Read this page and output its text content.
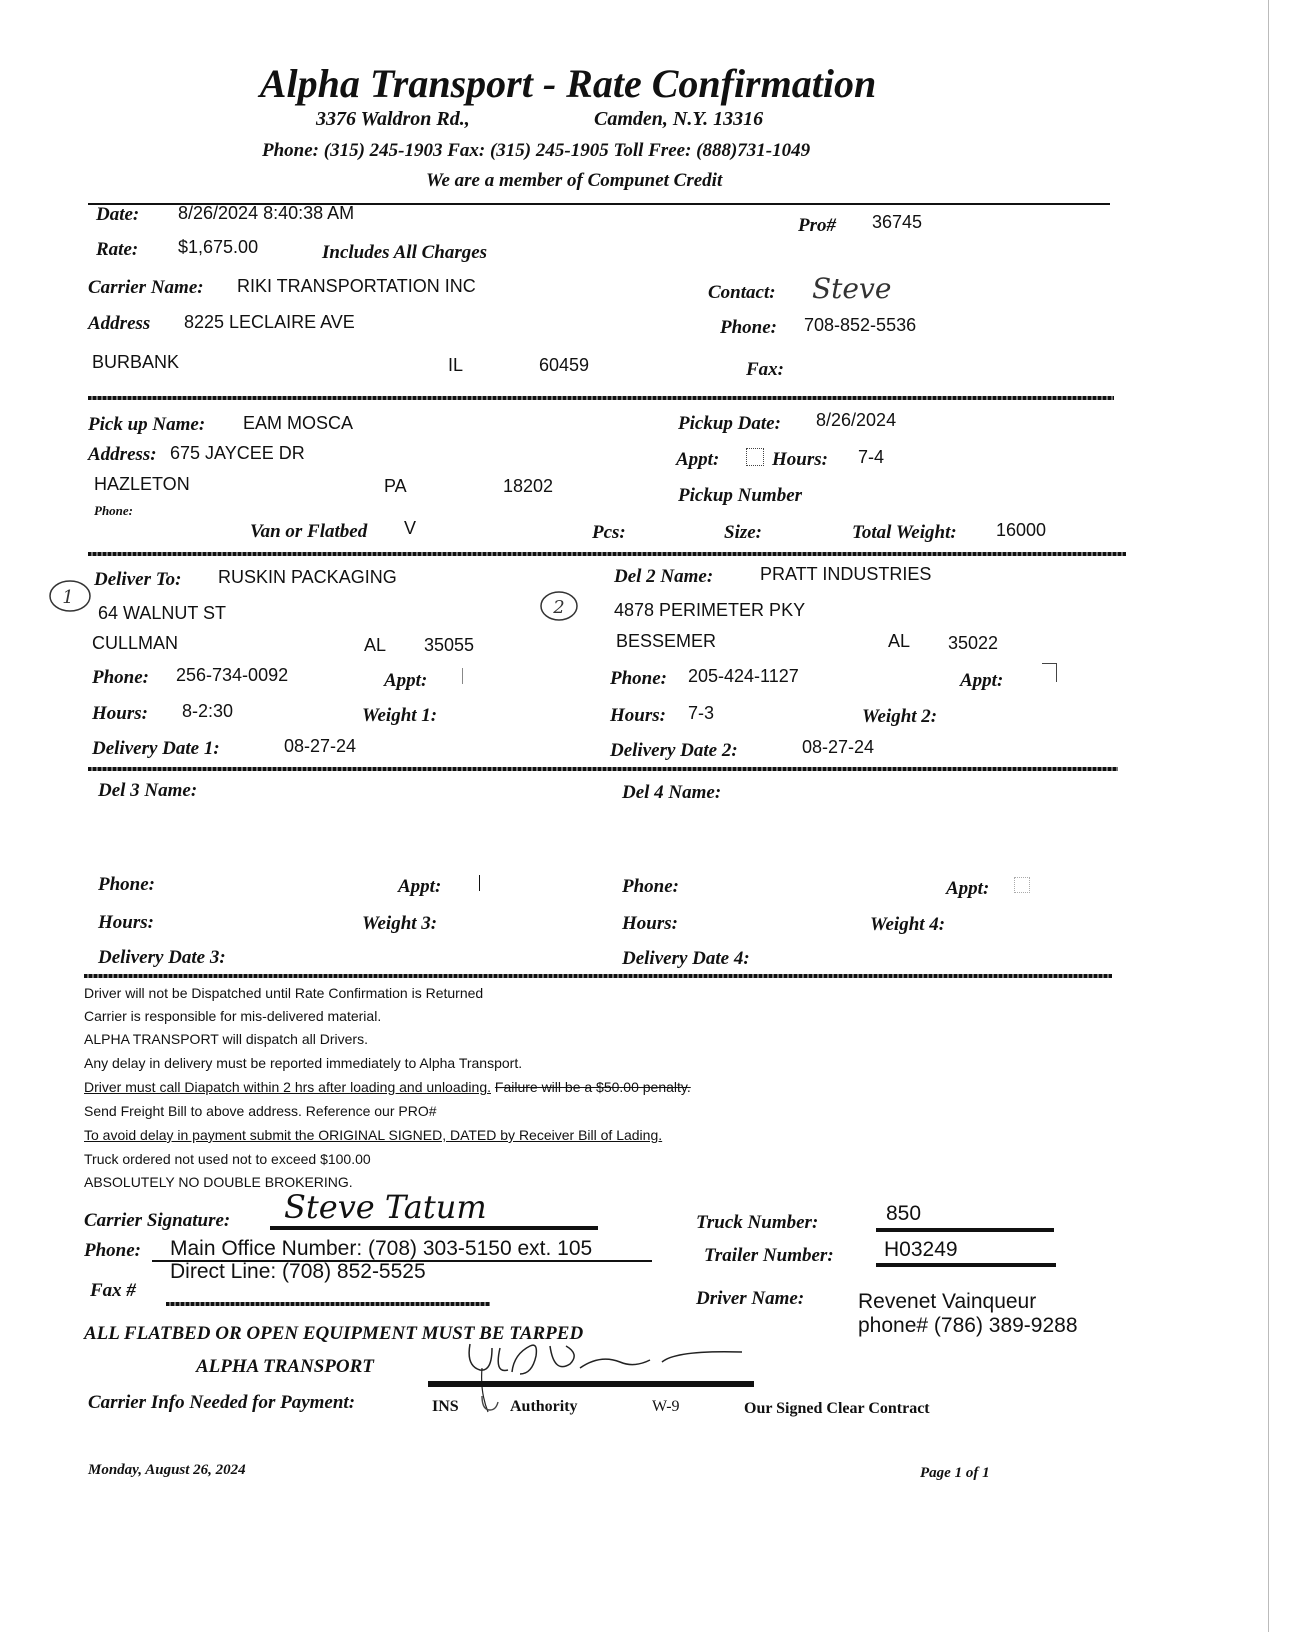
Alpha Transport - Rate Confirmation
3376 Waldron Rd.,	Camden, N.Y. 13316
Phone: (315) 245-1903 Fax: (315) 245-1905 Toll Free: (888)731-1049
We are a member of Compunet Credit
Date: 8/26/2024 8:40:38 AM
Pro# 36745
Rate: $1,675.00	Includes All Charges
Carrier Name: RIKI TRANSPORTATION INC	Contact: Steve
Address 8225 LECLAIRE AVE	Phone: 708-852-5536
BURBANK	IL	60459	Fax:
Pick up Name: EAM MOSCA	Pickup Date: 8/26/2024
Address: 675 JAYCEE DR	Appt:	Hours: 7-4
HAZLETON	PA	18202	Pickup Number
Phone:
Van or Flatbed V	Pcs:	Size:	Total Weight: 16000
1	2
Deliver To: RUSKIN PACKAGING	Del 2 Name:	PRATT INDUSTRIES
64 WALNUT ST	4878 PERIMETER PKY
CULLMAN	AL 35055	BESSEMER	AL 35022
Phone: 256-734-0092	Appt:	Phone: 205-424-1127	Appt:
Hours: 8-2:30	Weight 1:	Hours: 7-3	Weight 2:
Delivery Date 1:	08-27-24	Delivery Date 2:	08-27-24
Del 3 Name:	Del 4 Name:
Phone:	Appt:	Phone:	Appt:
Hours:	Weight 3:	Hours:	Weight 4:
Delivery Date 3:	Delivery Date 4:
Driver will not be Dispatched until Rate Confirmation is Returned
Carrier is responsible for mis-delivered material.
ALPHA TRANSPORT will dispatch all Drivers.
Any delay in delivery must be reported immediately to Alpha Transport.
Driver must call Diapatch within 2 hrs after loading and unloading. Failure will be a $50.00 penalty.
Send Freight Bill to above address. Reference our PRO#
To avoid delay in payment submit the ORIGINAL SIGNED, DATED by Receiver Bill of Lading.
Truck ordered not used not to exceed $100.00
ABSOLUTELY NO DOUBLE BROKERING.
Carrier Signature: Steve Tatum	Truck Number:	850
Phone: Main Office Number: (708) 303-5150 ext. 105
Direct Line: (708) 852-5525
Trailer Number: H03249
Fax #	Driver Name:	Revenet Vainqueur
phone# (786) 389-9288
ALL FLATBED OR OPEN EQUIPMENT MUST BE TARPED
ALPHA TRANSPORT
Carrier Info Needed for Payment:	INS	Authority	W-9	Our Signed Clear Contract
Monday, August 26, 2024	Page 1 of 1
